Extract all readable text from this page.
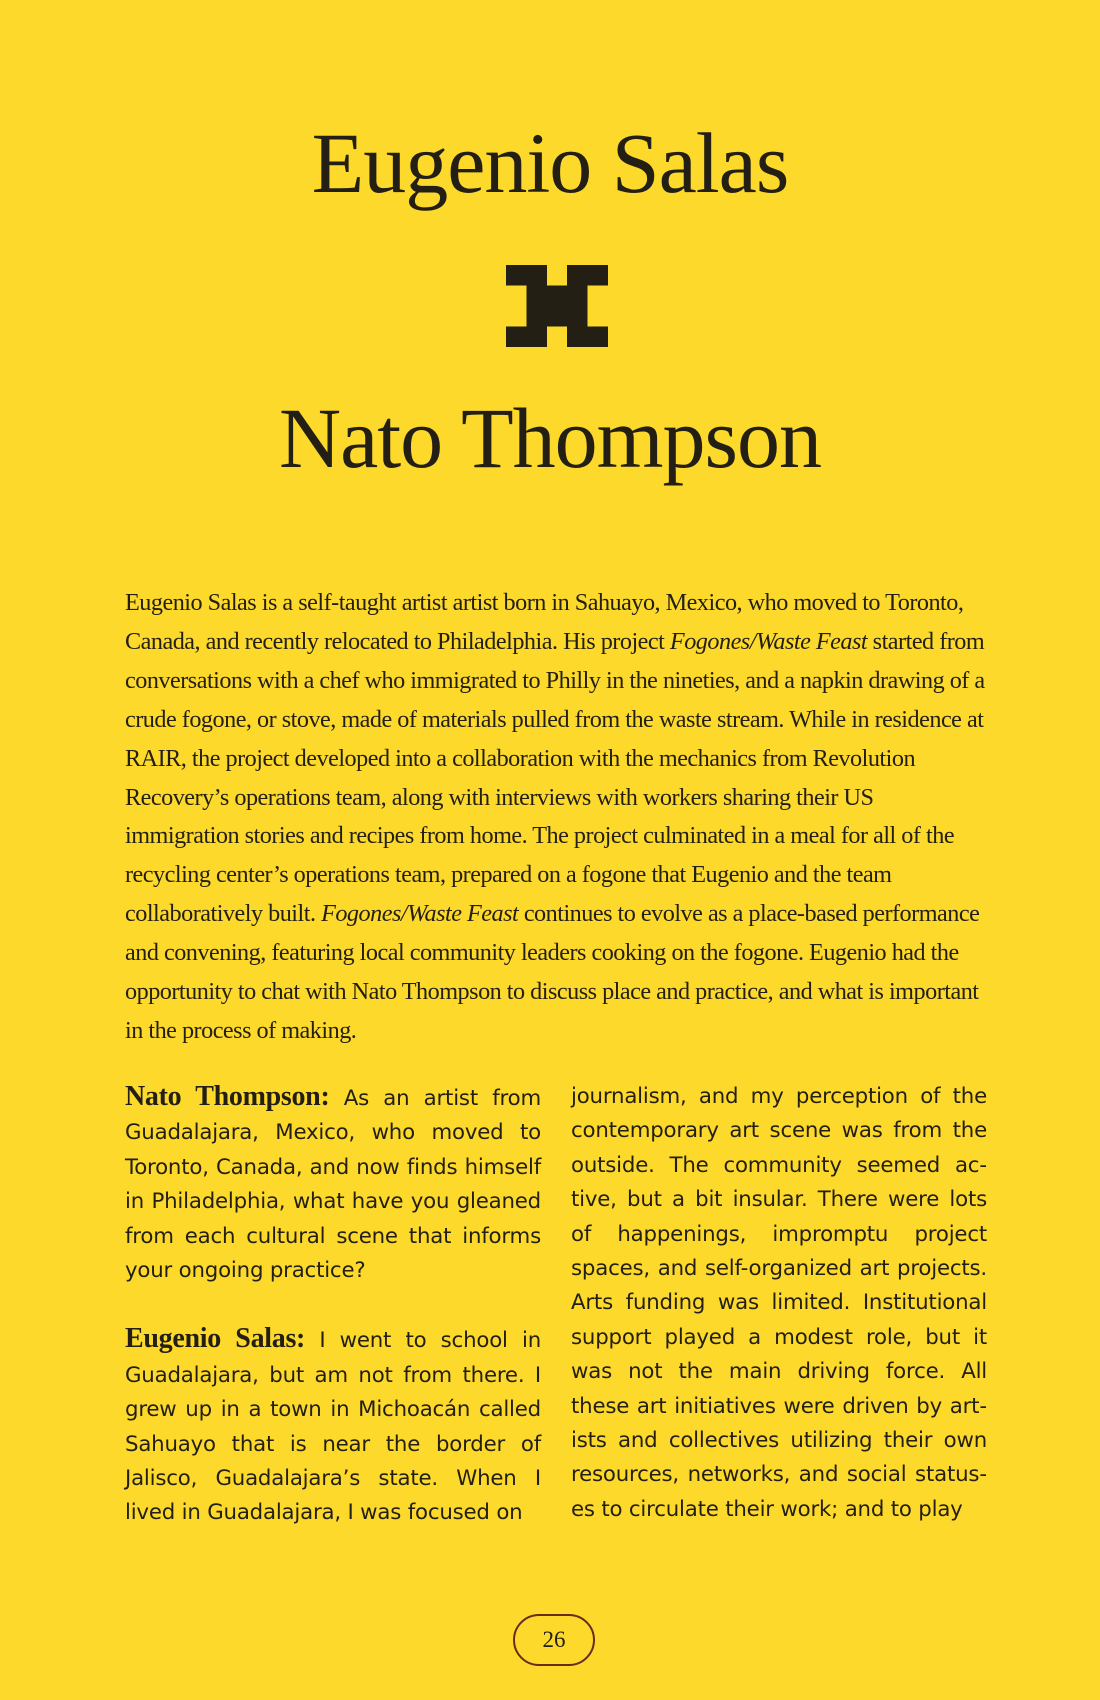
Eugenio Salas
Nato Thompson

Eugenio Salas is a self-taught artist artist born in Sahuayo, Mexico, who moved to Toronto, Canada, and recently relocated to Philadelphia. His project Fogones/Waste Feast started from conversations with a chef who immigrated to Philly in the nineties, and a napkin drawing of a crude fogone, or stove, made of materials pulled from the waste stream. While in residence at RAIR, the project developed into a collaboration with the mechanics from Revolution Recovery’s operations team, along with interviews with workers sharing their US immigration stories and recipes from home. The project culminated in a meal for all of the recycling center’s operations team, prepared on a fogone that Eugenio and the team collaboratively built. Fogones/Waste Feast continues to evolve as a place-based performance and convening, featuring local community leaders cooking on the fogone. Eugenio had the opportunity to chat with Nato Thompson to discuss place and practice, and what is important in the process of making.

Nato Thompson: As an artist from Guadalajara, Mexico, who moved to Toronto, Canada, and now finds himself in Philadelphia, what have you gleaned from each cultural scene that informs your ongoing practice?

Eugenio Salas: I went to school in Guadalajara, but am not from there. I grew up in a town in Michoacán called Sahuayo that is near the border of Jalisco, Guadalajara’s state. When I lived in Guadalajara, I was focused on

journalism, and my perception of the contemporary art scene was from the outside. The community seemed active, but a bit insular. There were lots of happenings, impromptu project spaces, and self-organized art projects. Arts funding was limited. Institutional support played a modest role, but it was not the main driving force. All these art initiatives were driven by artists and collectives utilizing their own resources, networks, and social statuses to circulate their work; and to play

26
